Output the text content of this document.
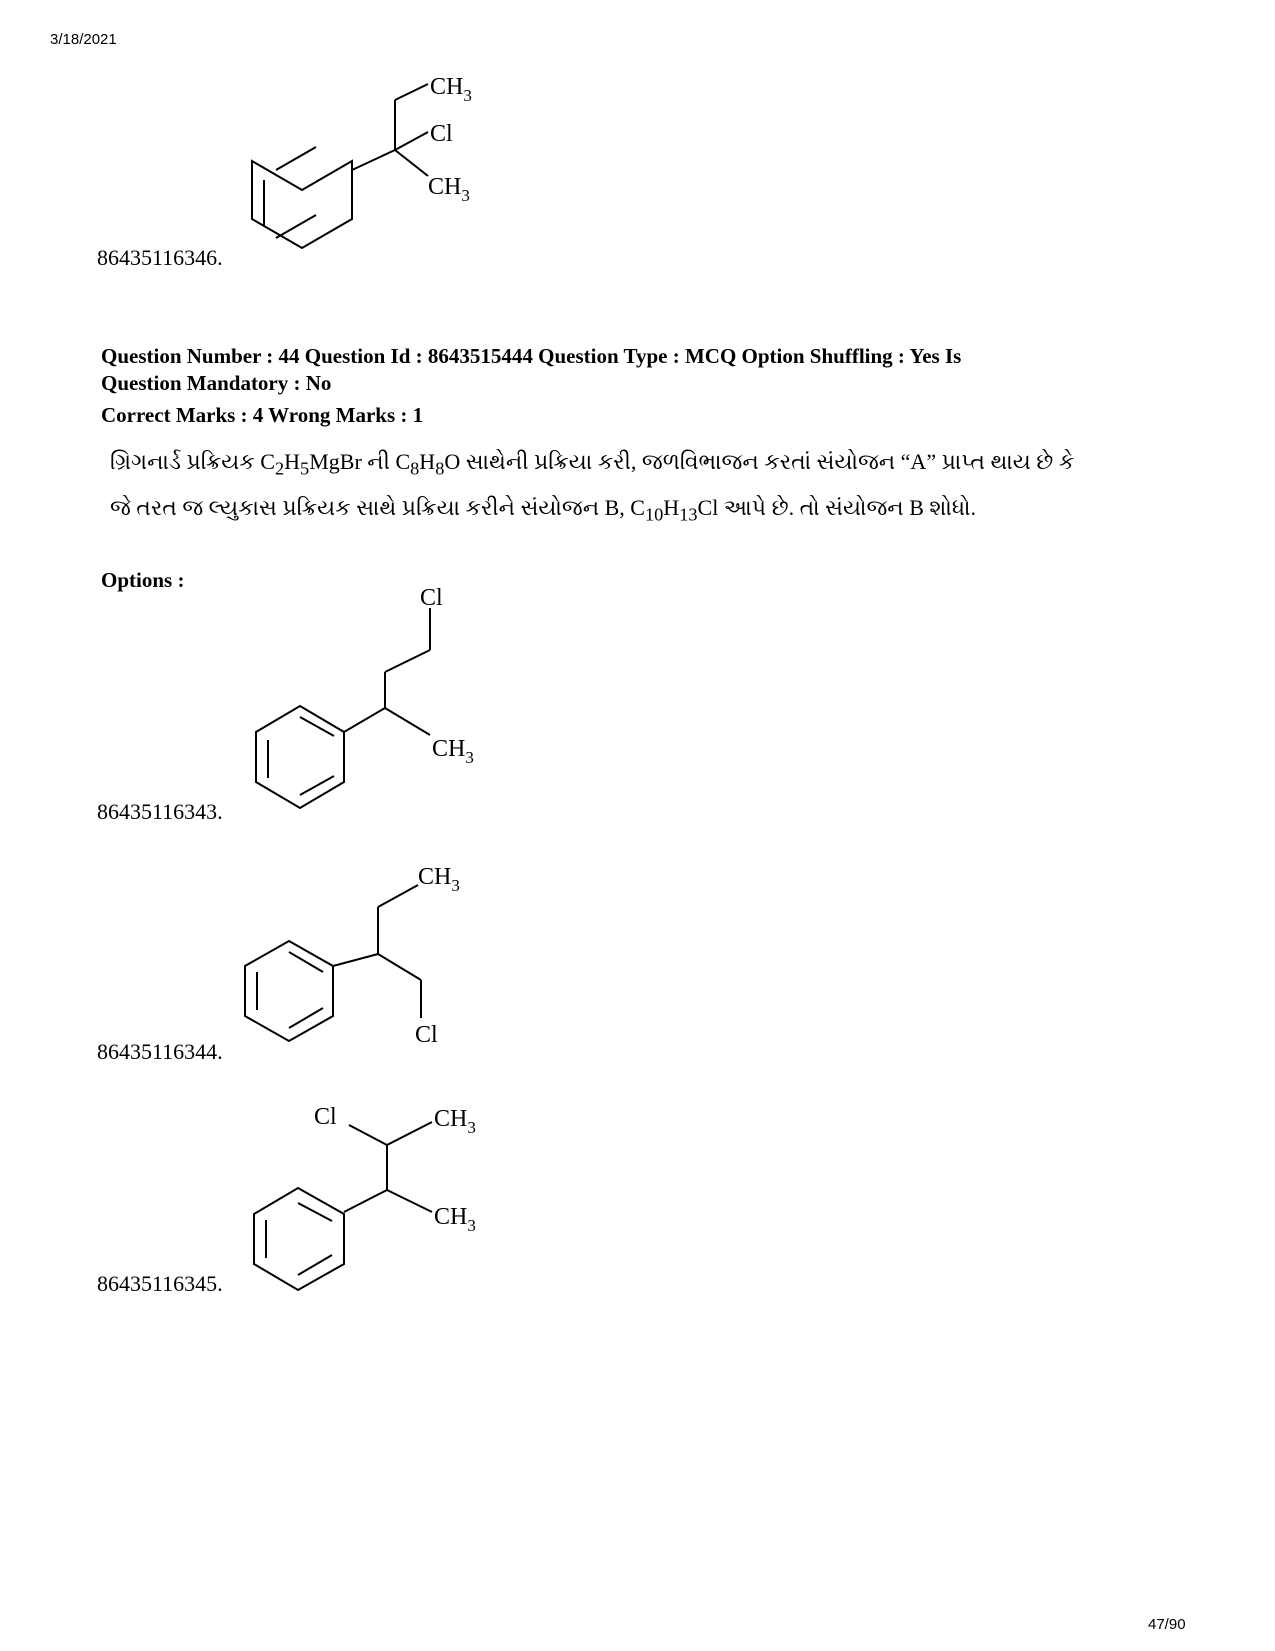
3/18/2021
$CH_3$
Cl
$CH_3$
86435116346.
Question Number : 44 Question Id : 8643515444 Question Type : MCQ Option Shuffling : Yes Is
Question Mandatory : No
Correct Marks : 4 Wrong Marks : 1
ગ્રિગનાર્ડ પ્રક્રિયક $C_2H_5MgBr$ ની $C_8H_8O$ સાથેની પ્રક્રિયા કરી, જળવિભાજન કરતાં સંયોજન “A” પ્રાપ્ત થાય છે કે
જે તરત જ લ્યુકાસ પ્રક્રિયક સાથે પ્રક્રિયા કરીને સંયોજન B, $C_{10}H_{13}Cl$ આપે છે. તો સંયોજન B શોધો.
Options :
Cl
$CH_3$
86435116343.
$CH_3$
Cl
86435116344.
Cl	$CH_3$
$CH_3$
86435116345.
47/90
